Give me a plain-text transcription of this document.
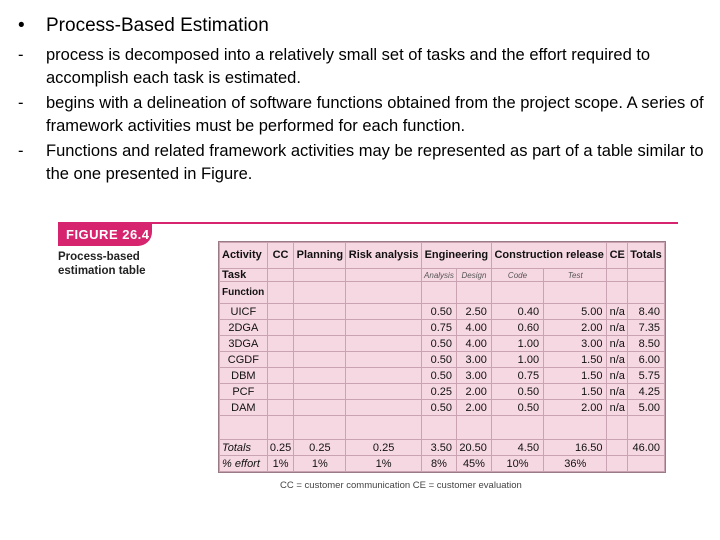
•	Process-Based Estimation
-	process is decomposed into a relatively small set of tasks and the effort required to accomplish each task is estimated.
-	begins with a delineation of software functions obtained from the project scope. A series of framework activities must be performed for each function.
-	Functions and related framework activities may be represented as part of a table similar to the one presented in Figure.
FIGURE 26.4
Process-based estimation table
Activity	CC	Planning	Risk analysis	Engineering		Construction release		CE	Totals
Task				Analysis	Design	Code	Test		
Function									
UICF				0.50	2.50	0.40	5.00	n/a	8.40
2DGA				0.75	4.00	0.60	2.00	n/a	7.35
3DGA				0.50	4.00	1.00	3.00	n/a	8.50
CGDF				0.50	3.00	1.00	1.50	n/a	6.00
DBM				0.50	3.00	0.75	1.50	n/a	5.75
PCF				0.25	2.00	0.50	1.50	n/a	4.25
DAM				0.50	2.00	0.50	2.00	n/a	5.00

Totals	0.25	0.25	0.25	3.50	20.50	4.50	16.50		46.00
% effort	1%	1%	1%	8%	45%	10%	36%		
CC = customer communication CE = customer evaluation
